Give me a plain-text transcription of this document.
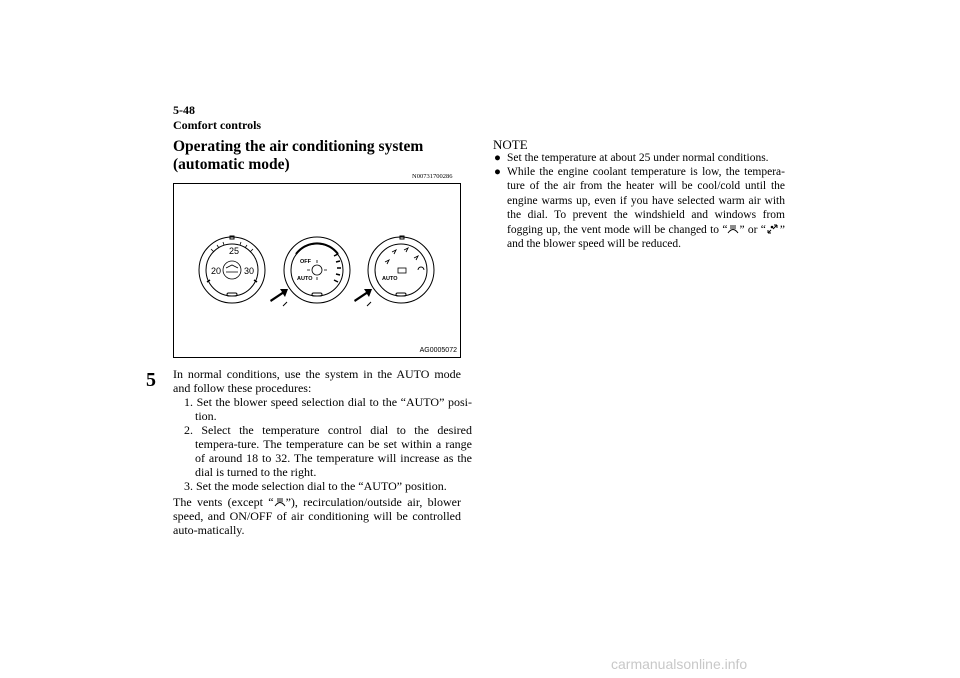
5-48
Comfort controls
5
Operating the air conditioning system (automatic mode)
N00731700286
25
20	30
OFF
AUTO	AUTO
AG0005072
In normal conditions, use the system in the AUTO mode and follow these procedures:
1. Set the blower speed selection dial to the “AUTO” posi-tion.
2. Select the temperature control dial to the desired tempera-ture. The temperature can be set within a range of around 18 to 32. The temperature will increase as the dial is turned to the right.
3. Set the mode selection dial to the “AUTO” position.
The vents (except “ ”), recirculation/outside air, blower speed, and ON/OFF of air conditioning will be controlled auto-matically.
NOTE
● Set the temperature at about 25 under normal conditions.
● While the engine coolant temperature is low, the tempera-ture of the air from the heater will be cool/cold until the engine warms up, even if you have selected warm air with the dial. To prevent the windshield and windows from fogging up, the vent mode will be changed to “ ” or “ ” and the blower speed will be reduced.
carmanualsonline.info
